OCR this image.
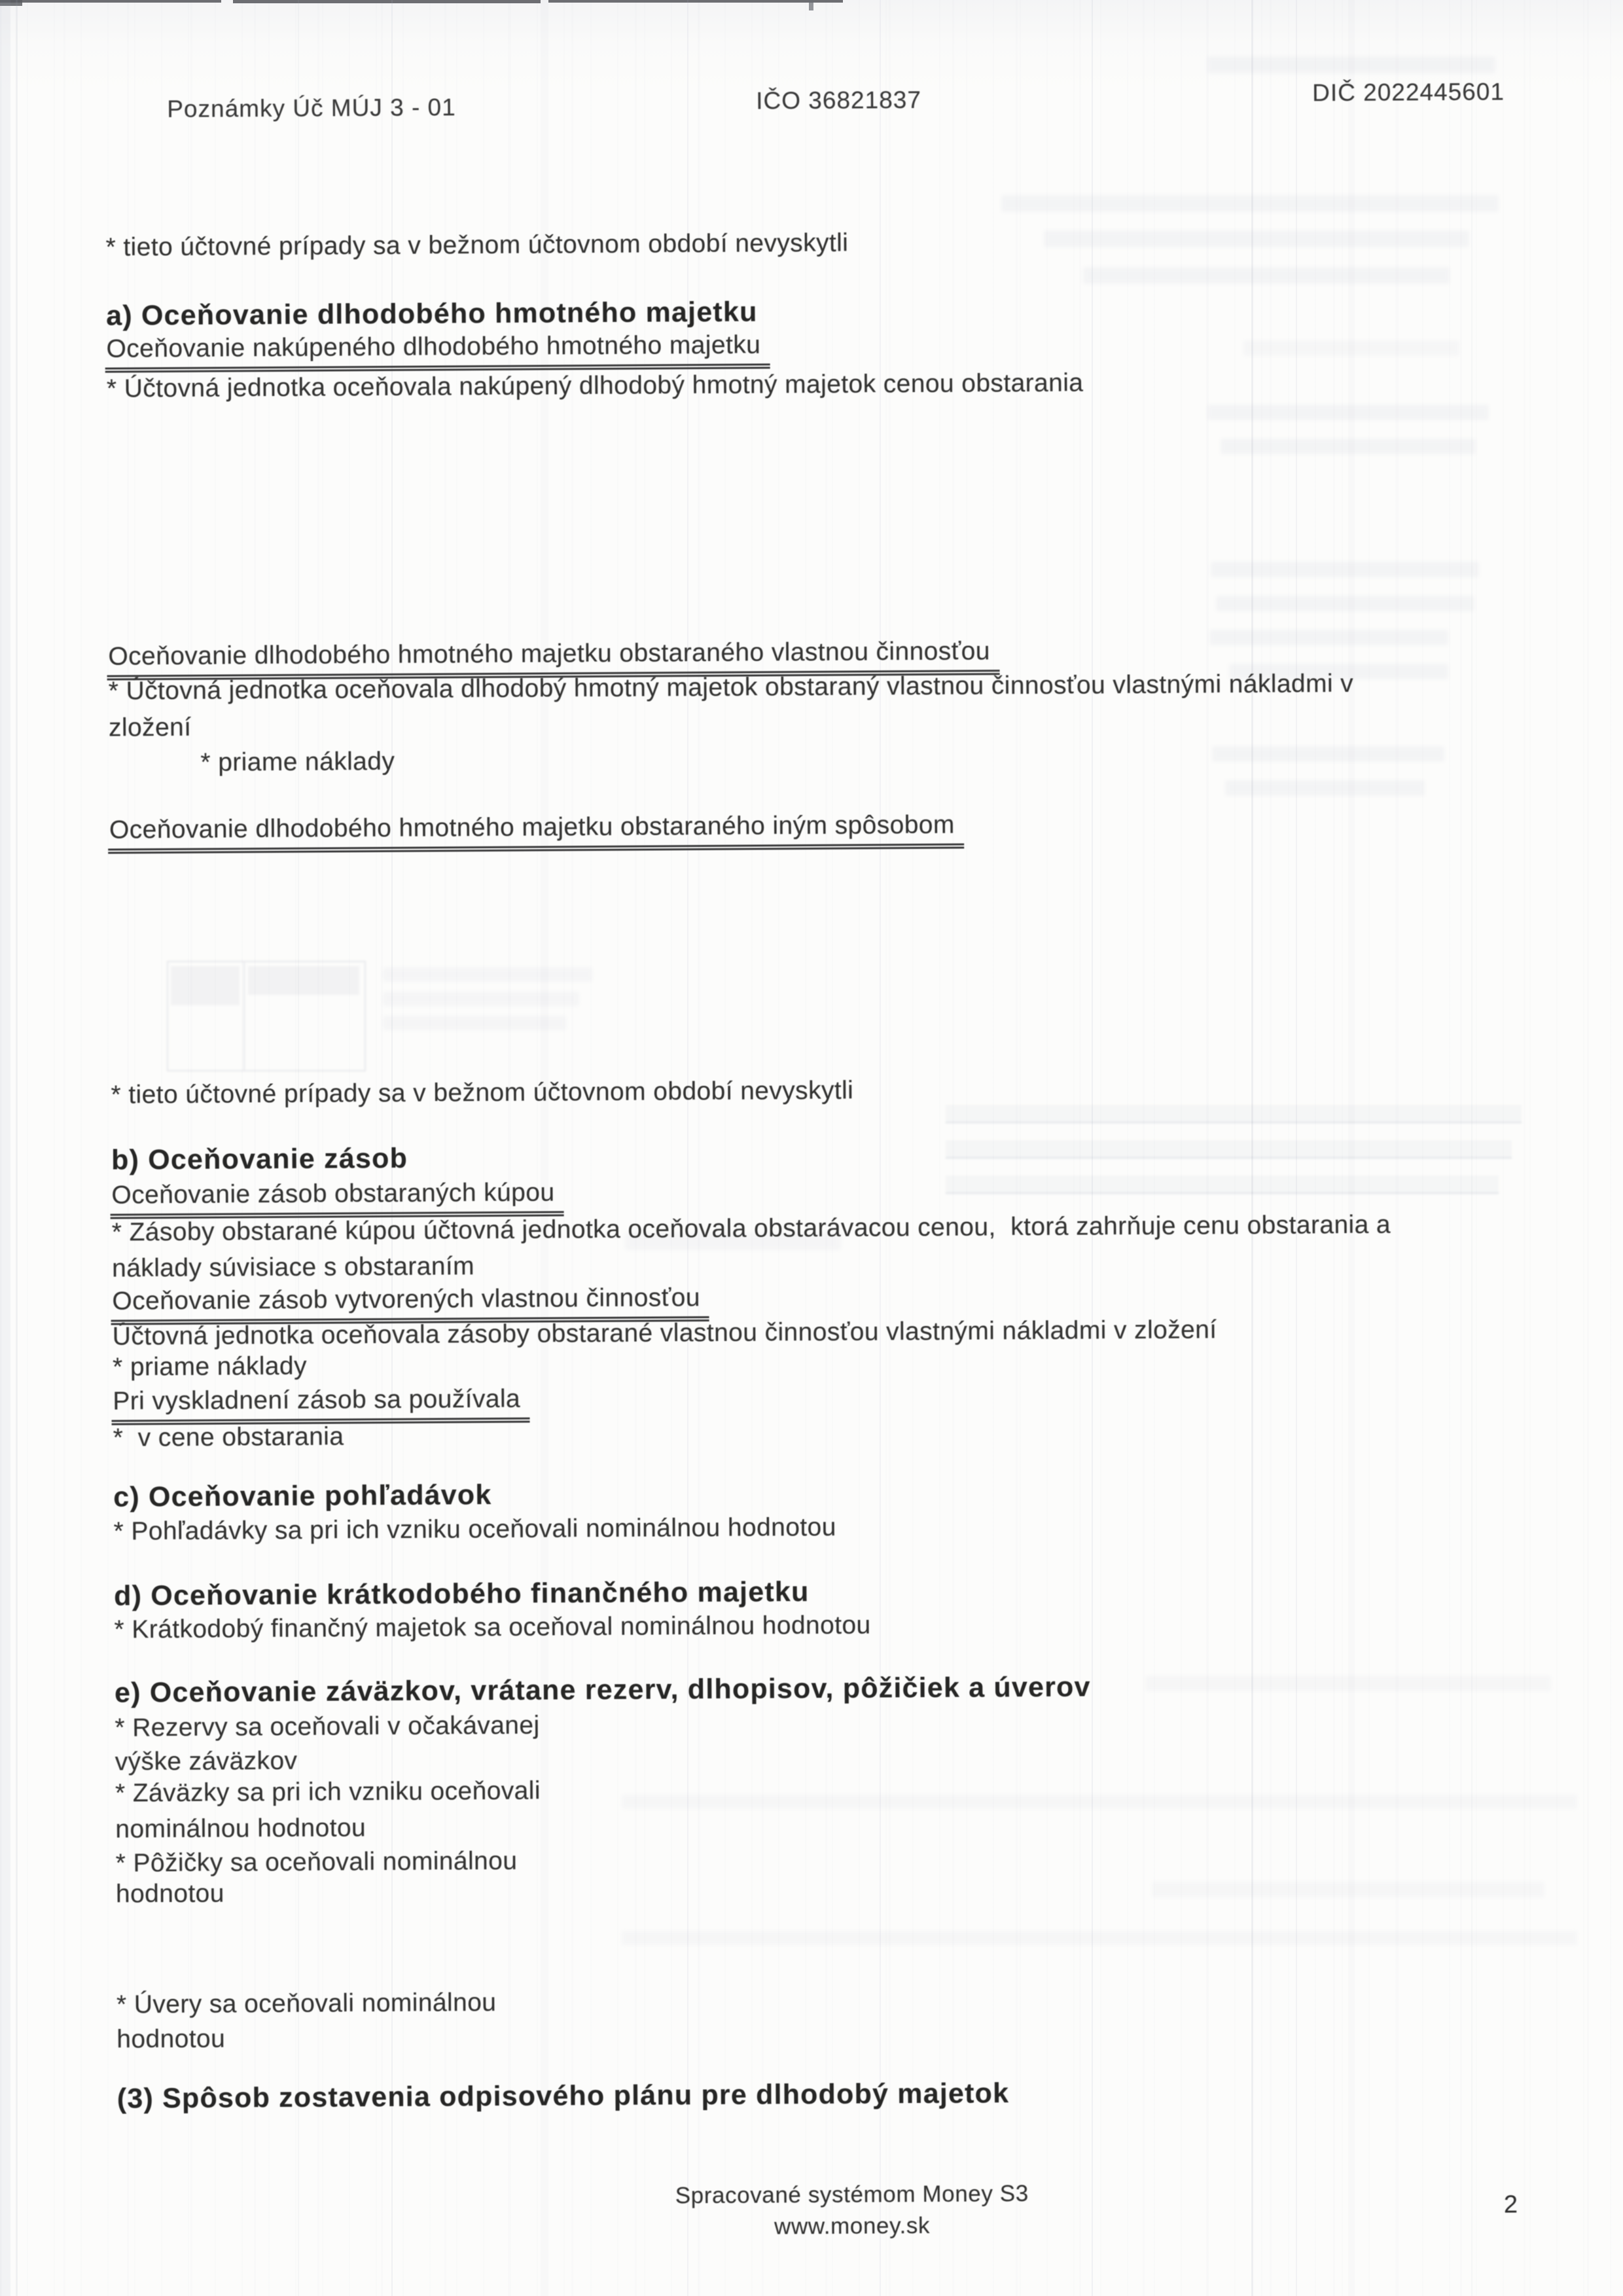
Poznámky Úč MÚJ 3 - 01	IČO 36821837	DIČ 2022445601
* tieto účtovné prípady sa v bežnom účtovnom období nevyskytli
a) Oceňovanie dlhodobého hmotného majetku
Oceňovanie nakúpeného dlhodobého hmotného majetku
* Účtovná jednotka oceňovala nakúpený dlhodobý hmotný majetok cenou obstarania
Oceňovanie dlhodobého hmotného majetku obstaraného vlastnou činnosťou
* Účtovná jednotka oceňovala dlhodobý hmotný majetok obstaraný vlastnou činnosťou vlastnými nákladmi v
zložení
* priame náklady
Oceňovanie dlhodobého hmotného majetku obstaraného iným spôsobom
* tieto účtovné prípady sa v bežnom účtovnom období nevyskytli
b) Oceňovanie zásob
Oceňovanie zásob obstaraných kúpou
* Zásoby obstarané kúpou účtovná jednotka oceňovala obstarávacou cenou,  ktorá zahrňuje cenu obstarania a
náklady súvisiace s obstaraním
Oceňovanie zásob vytvorených vlastnou činnosťou
Účtovná jednotka oceňovala zásoby obstarané vlastnou činnosťou vlastnými nákladmi v zložení
* priame náklady
Pri vyskladnení zásob sa používala
*  v cene obstarania
c) Oceňovanie pohľadávok
* Pohľadávky sa pri ich vzniku oceňovali nominálnou hodnotou
d) Oceňovanie krátkodobého finančného majetku
* Krátkodobý finančný majetok sa oceňoval nominálnou hodnotou
e) Oceňovanie záväzkov, vrátane rezerv, dlhopisov, pôžičiek a úverov
* Rezervy sa oceňovali v očakávanej
výške záväzkov
* Záväzky sa pri ich vzniku oceňovali
nominálnou hodnotou
* Pôžičky sa oceňovali nominálnou
hodnotou
* Úvery sa oceňovali nominálnou
hodnotou
(3) Spôsob zostavenia odpisového plánu pre dlhodobý majetok
Spracované systémom Money S3
www.money.sk
2
